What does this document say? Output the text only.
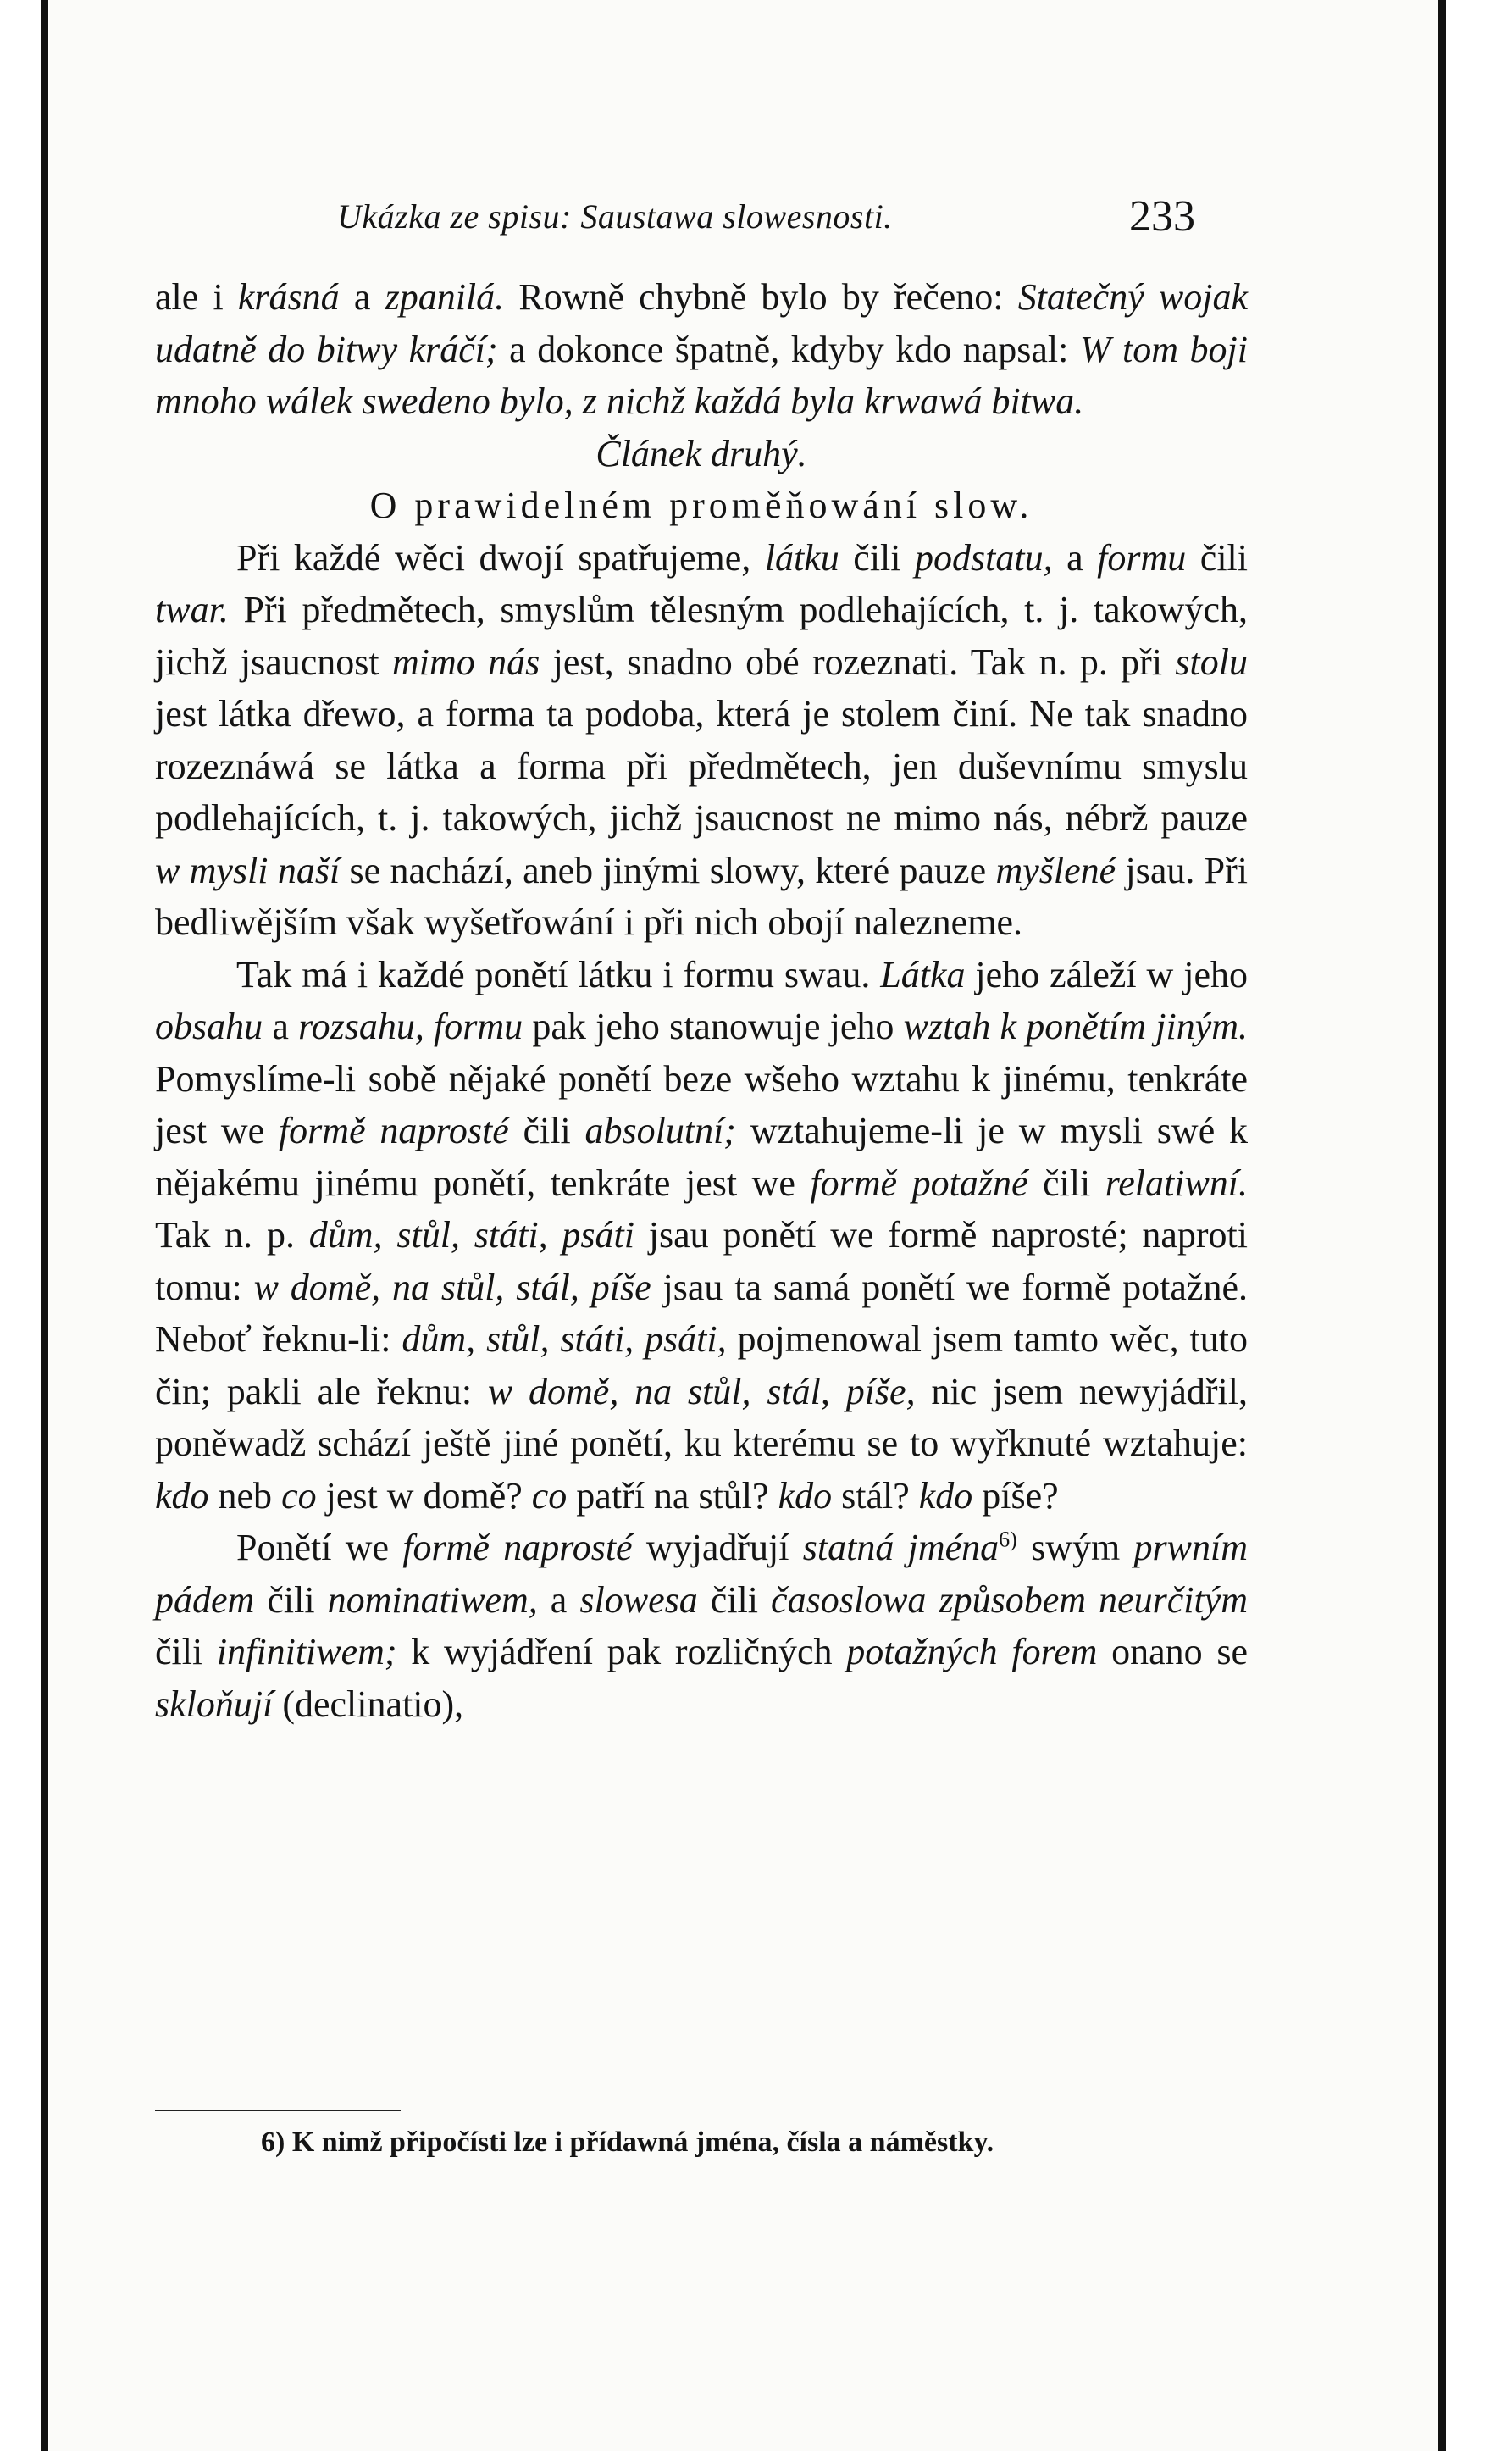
Ukázka ze spisu: Saustawa slowesnosti.	233

ale i krásná a zpanilá. Rowně chybně bylo by řečeno: Statečný wojak udatně do bitwy kráčí; a dokonce špatně, kdyby kdo napsal: W tom boji mnoho wálek swedeno bylo, z nichž každá byla krwawá bitwa.

Článek druhý.

O prawidelném proměňowání slow.

Při každé wěci dwojí spatřujeme, látku čili podstatu, a formu čili twar. Při předmětech, smyslům tělesným podlehajících, t. j. takowých, jichž jsaucnost mimo nás jest, snadno obé rozeznati. Tak n. p. při stolu jest látka dřewo, a forma ta podoba, která je stolem činí. Ne tak snadno rozeznáwá se látka a forma při předmětech, jen duševnímu smyslu podlehajících, t. j. takowých, jichž jsaucnost ne mimo nás, nébrž pauze w mysli naší se nachází, aneb jinými slowy, které pauze myšlené jsau. Při bedliwějším však wyšetřowání i při nich obojí nalezneme.

Tak má i každé ponětí látku i formu swau. Látka jeho záleží w jeho obsahu a rozsahu, formu pak jeho stanowuje jeho wztah k ponětím jiným. Pomyslíme-li sobě nějaké ponětí beze wšeho wztahu k jinému, tenkráte jest we formě naprosté čili absolutní; wztahujeme-li je w mysli swé k nějakému jinému ponětí, tenkráte jest we formě potažné čili relatiwní. Tak n. p. dům, stůl, státi, psáti jsau ponětí we formě naprosté; naproti tomu: w domě, na stůl, stál, píše jsau ta samá ponětí we formě potažné. Neboť řeknu-li: dům, stůl, státi, psáti, pojmenowal jsem tamto wěc, tuto čin; pakli ale řeknu: w domě, na stůl, stál, píše, nic jsem newyjádřil, poněwadž schází ještě jiné ponětí, ku kterému se to wyřknuté wztahuje: kdo neb co jest w domě? co patří na stůl? kdo stál? kdo píše?

Ponětí we formě naprosté wyjadřují statná jména$^{6)}$ swým prwním pádem čili nominatiwem, a slowesa čili časoslowa způsobem neurčitým čili infinitiwem; k wyjádření pak rozličných potažných forem onano se skloňují (declinatio),

6) K nimž připočísti lze i přídawná jména, čísla a náměstky.
